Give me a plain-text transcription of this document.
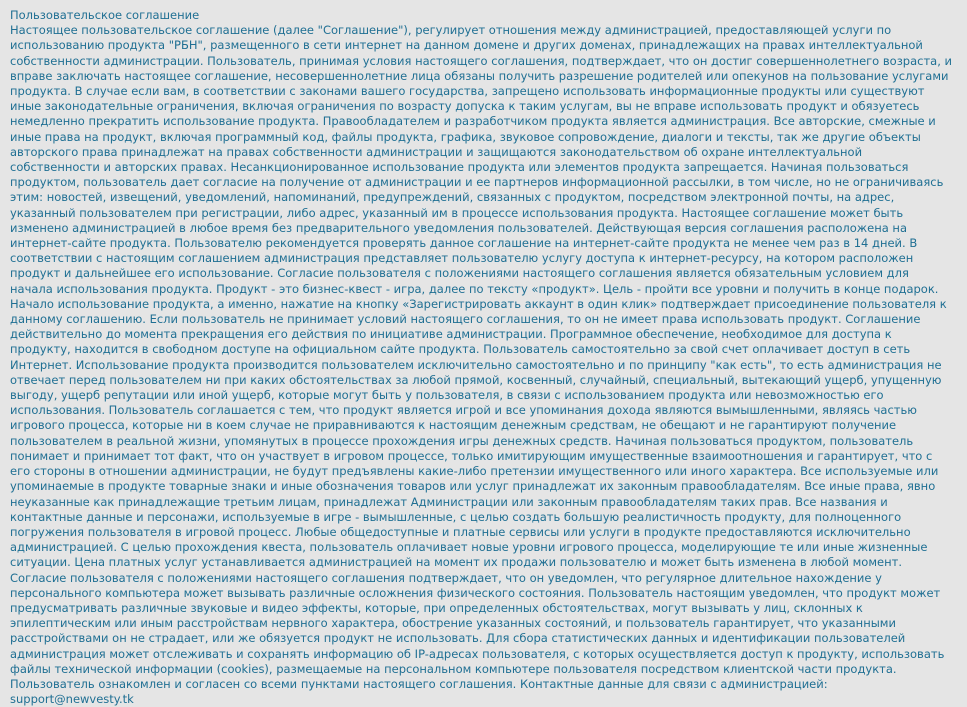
Пользовательское соглашение

Настоящее пользовательское соглашение (далее "Соглашение"), регулирует отношения между администрацией, предоставляющей услуги по использованию продукта "РБН", размещенного в сети интернет на данном домене и других доменах, принадлежащих на правах интеллектуальной собственности администрации. Пользователь, принимая условия настоящего соглашения, подтверждает, что он достиг совершеннолетнего возраста, и вправе заключать настоящее соглашение, несовершеннолетние лица обязаны получить разрешение родителей или опекунов на пользование услугами продукта. В случае если вам, в соответствии с законами вашего государства, запрещено использовать информационные продукты или существуют иные законодательные ограничения, включая ограничения по возрасту допуска к таким услугам, вы не вправе использовать продукт и обязуетесь немедленно прекратить использование продукта. Правообладателем и разработчиком продукта является администрация. Все авторские, смежные и иные права на продукт, включая программный код, файлы продукта, графика, звуковое сопровождение, диалоги и тексты, так же другие объекты авторского права принадлежат на правах собственности администрации и защищаются законодательством об охране интеллектуальной собственности и авторских правах. Несанкционированное использование продукта или элементов продукта запрещается. Начиная пользоваться продуктом, пользователь дает согласие на получение от администрации и ее партнеров информационной рассылки, в том числе, но не ограничиваясь этим: новостей, извещений, уведомлений, напоминаний, предупреждений, связанных с продуктом, посредством электронной почты, на адрес, указанный пользователем при регистрации, либо адрес, указанный им в процессе использования продукта. Настоящее соглашение может быть изменено администрацией в любое время без предварительного уведомления пользователей. Действующая версия соглашения расположена на интернет-сайте продукта. Пользователю рекомендуется проверять данное соглашение на интернет-сайте продукта не менее чем раз в 14 дней. В соответствии с настоящим соглашением администрация представляет пользователю услугу доступа к интернет-ресурсу, на котором расположен продукт и дальнейшее его использование. Согласие пользователя с положениями настоящего соглашения является обязательным условием для начала использования продукта. Продукт - это бизнес-квест - игра, далее по тексту «продукт». Цель - пройти все уровни и получить в конце подарок. Начало использование продукта, а именно, нажатие на кнопку «Зарегистрировать аккаунт в один клик» подтверждает присоединение пользователя к данному соглашению. Если пользователь не принимает условий настоящего соглашения, то он не имеет права использовать продукт. Соглашение действительно до момента прекращения его действия по инициативе администрации. Программное обеспечение, необходимое для доступа к продукту, находится в свободном доступе на официальном сайте продукта. Пользователь самостоятельно за свой счет оплачивает доступ в сеть Интернет. Использование продукта производится пользователем исключительно самостоятельно и по принципу "как есть", то есть администрация не отвечает перед пользователем ни при каких обстоятельствах за любой прямой, косвенный, случайный, специальный, вытекающий ущерб, упущенную выгоду, ущерб репутации или иной ущерб, которые могут быть у пользователя, в связи с использованием продукта или невозможностью его использования. Пользователь соглашается с тем, что продукт является игрой и все упоминания дохода являются вымышленными, являясь частью игрового процесса, которые ни в коем случае не приравниваются к настоящим денежным средствам, не обещают и не гарантируют получение пользователем в реальной жизни, упомянутых в процессе прохождения игры денежных средств. Начиная пользоваться продуктом, пользователь понимает и принимает тот факт, что он участвует в игровом процессе, только имитирующим имущественные взаимоотношения и гарантирует, что с его стороны в отношении администрации, не будут предъявлены какие-либо претензии имущественного или иного характера. Все используемые или упоминаемые в продукте товарные знаки и иные обозначения товаров или услуг принадлежат их законным правообладателям. Все иные права, явно неуказанные как принадлежащие третьим лицам, принадлежат Администрации или законным правообладателям таких прав. Все названия и контактные данные и персонажи, используемые в игре - вымышленные, с целью создать большую реалистичность продукту, для полноценного погружения пользователя в игровой процесс. Любые общедоступные и платные сервисы или услуги в продукте предоставляются исключительно администрацией. С целью прохождения квеста, пользователь оплачивает новые уровни игрового процесса, моделирующие те или иные жизненные ситуации. Цена платных услуг устанавливается администрацией на момент их продажи пользователю и может быть изменена в любой момент. Согласие пользователя с положениями настоящего соглашения подтверждает, что он уведомлен, что регулярное длительное нахождение у персонального компьютера может вызывать различные осложнения физического состояния. Пользователь настоящим уведомлен, что продукт может предусматривать различные звуковые и видео эффекты, которые, при определенных обстоятельствах, могут вызывать у лиц, склонных к эпилептическим или иным расстройствам нервного характера, обострение указанных состояний, и пользователь гарантирует, что указанными расстройствами он не страдает, или же обязуется продукт не использовать. Для сбора статистических данных и идентификации пользователей администрация может отслеживать и сохранять информацию об IP-адресах пользователя, с которых осуществляется доступ к продукту, использовать файлы технической информации (cookies), размещаемые на персональном компьютере пользователя посредством клиентской части продукта. Пользователь ознакомлен и согласен со всеми пунктами настоящего соглашения. Контактные данные для связи с администрацией: support@newvesty.tk
